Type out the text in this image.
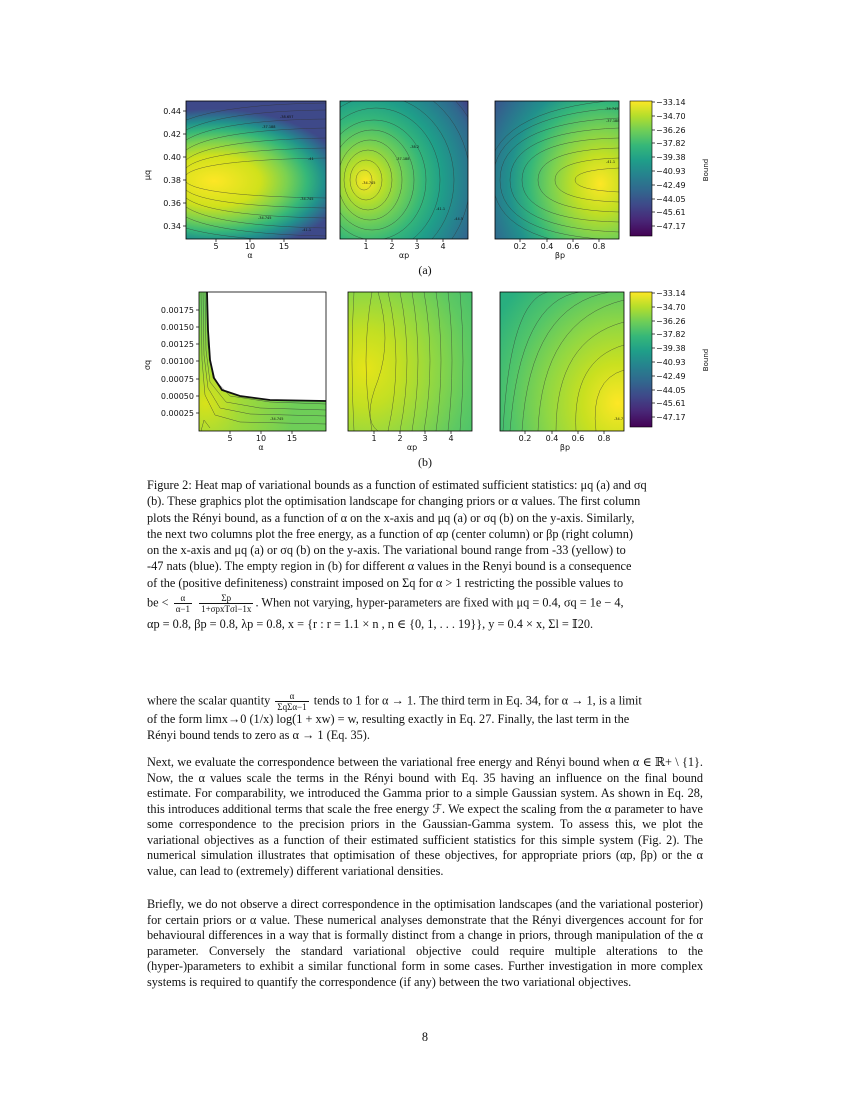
-38.657
-37.188
-41
-34.745
-34.745
-41.1
5	10	15
α
0.44
0.42
0.40
0.38
0.36
0.34
μq
-34.745
-37.188
-38.2
-41.1
-44.5
1	2 3	4
αp
-34.745
-37.188
-41.1
0.2 0.4 0.6 0.8
βp
−33.14
−34.70
−36.26
−37.82
−39.38
−40.93
−42.49
−44.05
−45.61
−47.17
Bound
-34.745
5	10	15
α
0.00175
0.00150
0.00125
0.00100
0.00075
0.00050
0.00025
σq
1	2 3	4
αp
-34.7
0.2 0.4 0.6 0.8
βp
−33.14
−34.70
−36.26
−37.82
−39.38
−40.93
−42.49
−44.05
−45.61
−47.17
Bound
(a)
(b)
Figure 2: Heat map of variational bounds as a function of estimated sufficient statistics: μq (a) and σq
(b). These graphics plot the optimisation landscape for changing priors or α values. The first column
plots the Rényi bound, as a function of α on the x-axis and μq (a) or σq (b) on the y-axis. Similarly,
the next two columns plot the free energy, as a function of αp (center column) or βp (right column)
on the x-axis and μq (a) or σq (b) on the y-axis. The variational bound range from -33 (yellow) to
-47 nats (blue). The empty region in (b) for different α values in the Renyi bound is a consequence
of the (positive definiteness) constraint imposed on Σq for α > 1 restricting the possible values to
be < $\frac{\alpha}{\alpha-1}$
$\frac{\Sigma p}{\text{1+σpxTσl−1x}}$ . When not varying, hyper-parameters are fixed with μq = 0.4, σq = 1e − 4,
αp = 0.8, βp = 0.8, λp = 0.8, x = {r : r = 1.1 × n , n ∈ {0, 1, . . . 19}}, y = 0.4 × x, Σl = 𝕀20.

where the scalar quantity $\frac{\alpha}{\text{ΣqΣα−1}}$ tends to 1 for α → 1. The third term in Eq. 34, for α → 1, is a limit

of the form limx→0 (1/x) log(1 + xw) = w, resulting exactly in Eq. 27. Finally, the last term in the

Rényi bound tends to zero as α → 1 (Eq. 35).

Next, we evaluate the correspondence between the variational free energy and Rényi bound when α ∈ ℝ+ \ {1}. Now, the α values scale the terms in the Rényi bound with Eq. 35 having an influence on the final bound estimate. For comparability, we introduced the Gamma prior to a simple Gaussian system. As shown in Eq. 28, this introduces additional terms that scale the free energy ℱ. We expect the scaling from the α parameter to have some correspondence to the precision priors in the Gaussian-Gamma system. To assess this, we plot the variational objectives as a function of their estimated sufficient statistics for this simple system (Fig. 2). The numerical simulation illustrates that optimisation of these objectives, for appropriate priors (αp, βp) or the α value, can lead to (extremely) different variational densities.
Briefly, we do not observe a direct correspondence in the optimisation landscapes (and the variational posterior) for certain priors or α value. These numerical analyses demonstrate that the Rényi divergences account for for behavioural differences in a way that is formally distinct from a change in priors, through manipulation of the α parameter. Conversely the standard variational objective could require multiple alterations to the (hyper-)parameters to exhibit a similar functional form in some cases. Further investigation in more complex systems is required to quantify the correspondence (if any) between the two variational objectives.
8
